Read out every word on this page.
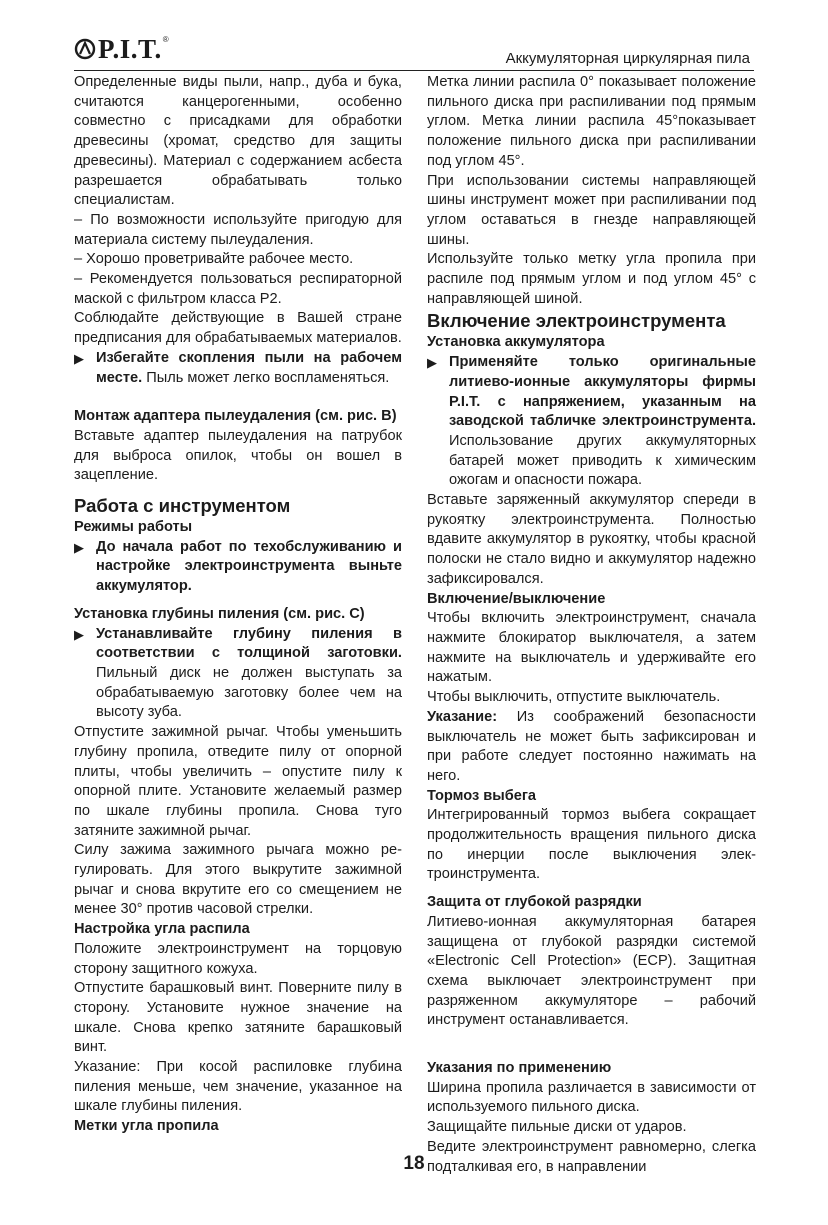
P.I.T. ®
Аккумуляторная циркулярная пила

Определенные виды пыли, напр., дуба и бука, считаются канцерогенными, особенно совместно с присадками для обработки древесины (хромат, средство для защиты древесины). Материал с содержанием асбеста разрешается обрабатывать только специалистам.

– По возможности используйте пригодую для материала систему пылеудаления.

– Хорошо проветривайте рабочее место.

– Рекомендуется пользоваться респираторной маской с фильтром класса Р2.

Соблюдайте действующие в Вашей стране предписания для обрабатываемых материалов.

▶ Избегайте скопления пыли на рабочем месте. Пыль может легко воспламеняться.

Монтаж адаптера пылеудаления (см. рис. В)

Вставьте адаптер пылеудаления на патрубок для выброса опилок, чтобы он вошел в зацепление.

Работа с инструментом

Режимы работы

▶ До начала работ по техобслуживанию и настройке электроинструмента выньте аккумулятор.

Установка глубины пиления (см. рис. С)

▶ Устанавливайте глубину пиления в соответствии с толщиной заготовки. Пильный диск не должен выступать за обрабатываемую заготовку более чем на высоту зуба.

Отпустите зажимной рычаг. Чтобы уменьшить глубину пропила, отведите пилу от опорной плиты, чтобы увеличить – опустите пилу к опорной плите. Установите желаемый размер по шкале глубины пропила. Снова туго затяните зажимной рычаг.

Силу зажима зажимного рычага можно регулировать. Для этого выкрутите зажимной рычаг и снова вкрутите его со смещением не менее 30° против часовой стрелки.

Настройка угла распила

Положите электроинструмент на торцовую сторону защитного кожуха.

Отпустите барашковый винт. Поверните пилу в сторону. Установите нужное значение на шкале. Снова крепко затяните барашковый винт.

Указание: При косой распиловке глубина пиления меньше, чем значение, указанное на шкале глубины пиления.

Метки угла пропила

Метка линии распила 0° показывает положение пильного диска при распиливании под прямым углом. Метка линии распила 45°показывает положение пильного диска при распиливании под углом 45°.

При использовании системы направляющей шины инструмент может при распиливании под углом оставаться в гнезде направляющей шины.

Используйте только метку угла пропила при распиле под прямым углом и под углом 45° с направляющей шиной.

Включение электроинструмента

Установка аккумулятора

▶ Применяйте только оригинальные литиево-ионные аккумуляторы фирмы P.I.T. с напряжением, указанным на заводской табличке электроинструмента. Использование других аккумуляторных батарей может приводить к химическим ожогам и опасности пожара.

Вставьте заряженный аккумулятор спереди в рукоятку электроинструмента. Полностью вдавите аккумулятор в рукоятку, чтобы красной полоски не стало видно и аккумулятор надежно зафиксировался.

Включение/выключение

Чтобы включить электроинструмент, сначала нажмите блокиратор выключателя, а затем нажмите на выключатель и удерживайте его нажатым.

Чтобы выключить, отпустите выключатель.

Указание: Из соображений безопасности выключатель не может быть зафиксирован и при работе следует постоянно нажимать на него.

Тормоз выбега

Интегрированный тормоз выбега сокращает продолжительность вращения пильного диска по инерции после выключения электроинструмента.

Защита от глубокой разрядки

Литиево-ионная аккумуляторная батарея защищена от глубокой разрядки системой «Electronic Cell Protection» (ЕСР). Защитная схема выключает электроинструмент при разряженном аккумуляторе – рабочий инструмент останавливается.

Указания по применению

Ширина пропила различается в зависимости от используемого пильного диска.

Защищайте пильные диски от ударов.

Ведите электроинструмент равномерно, слегка подталкивая его, в направлении

18
